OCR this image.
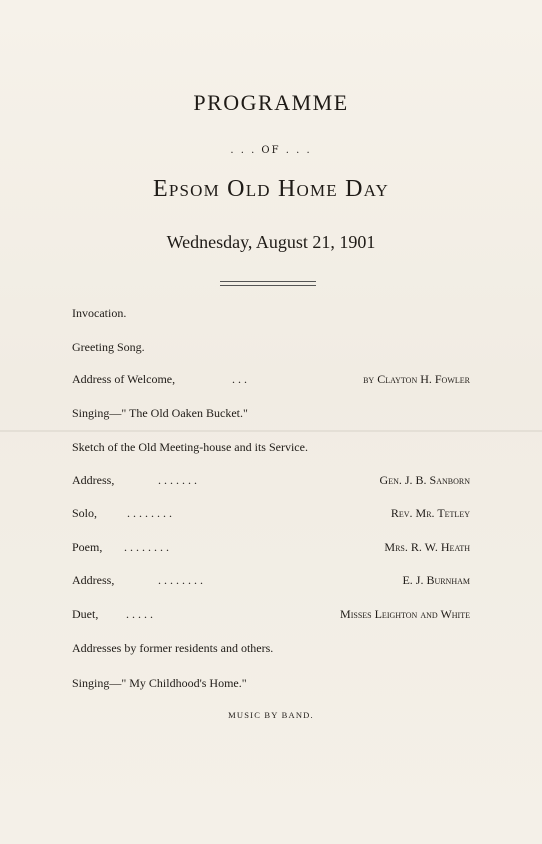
PROGRAMME
. . . OF . . .
Epsom Old Home Day
Wednesday, August 21, 1901
Invocation.
Greeting Song.
Address of Welcome,	. . .	by Clayton H. Fowler
Singing—" The Old Oaken Bucket."
Sketch of the Old Meeting-house and its Service.
Address,	. . . . . . .	Gen. J. B. Sanborn
Solo, . . . . . . . .	Rev. Mr. Tetley
Poem, . . . . . . . .	Mrs. R. W. Heath
Address,	. . . . . . . .	E. J. Burnham
Duet, . . . . .	Misses Leighton and White
Addresses by former residents and others.
Singing—" My Childhood's Home."
MUSIC BY BAND.
